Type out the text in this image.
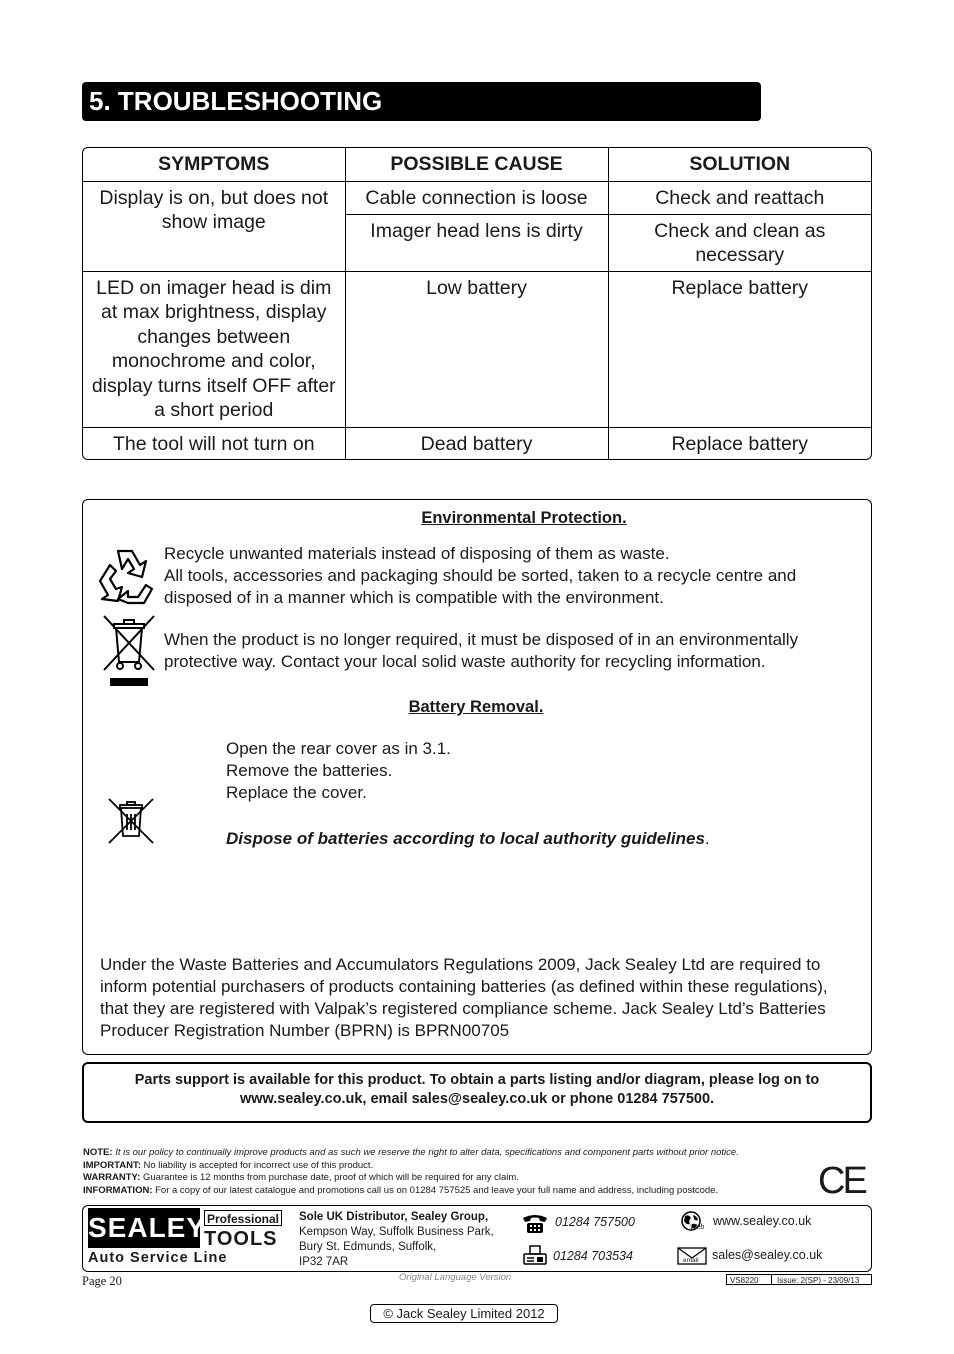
5. TROUBLESHOOTING
SYMPTOMS	POSSIBLE CAUSE	SOLUTION
Display is on, but does not show image	Cable connection is loose	Check and reattach
	Imager head lens is dirty	Check and clean as necessary
LED on imager head is dim at max brightness, display changes between monochrome and color, display turns itself OFF after a short period	Low battery	Replace battery
The tool will not turn on	Dead battery	Replace battery
Environmental Protection.
Recycle unwanted materials instead of disposing of them as waste.
All tools, accessories and packaging should be sorted, taken to a recycle centre and disposed of in a manner which is compatible with the environment.
When the product is no longer required, it must be disposed of in an environmentally protective way. Contact your local solid waste authority for recycling information.
Battery Removal.
Open the rear cover as in 3.1.
Remove the batteries.
Replace the cover.
Dispose of batteries according to local authority guidelines.
Under the Waste Batteries and Accumulators Regulations 2009, Jack Sealey Ltd are required to inform potential purchasers of products containing batteries (as defined within these regulations), that they are registered with Valpak’s registered compliance scheme. Jack Sealey Ltd’s Batteries Producer Registration Number (BPRN) is BPRN00705
Parts support is available for this product. To obtain a parts listing and/or diagram, please log on to
www.sealey.co.uk, email sales@sealey.co.uk or phone 01284 757500.
NOTE: It is our policy to continually improve products and as such we reserve the right to alter data, specifications and component parts without prior notice.
IMPORTANT: No liability is accepted for incorrect use of this product.
WARRANTY: Guarantee is 12 months from purchase date, proof of which will be required for any claim.
INFORMATION: For a copy of our latest catalogue and promotions call us on 01284 757525 and leave your full name and address, including postcode.	CE
SEALEY Professional
TOOLS
Auto Service Line
Sole UK Distributor, Sealey Group,
Kempson Way, Suffolk Business Park,
Bury St. Edmunds, Suffolk,
IP32 7AR
01284 757500
01284 703534
Web www.sealey.co.uk
email sales@sealey.co.uk
Page 20	Original Language Version	VS8220 Issue: 2(SP) - 23/09/13
© Jack Sealey Limited 2012
